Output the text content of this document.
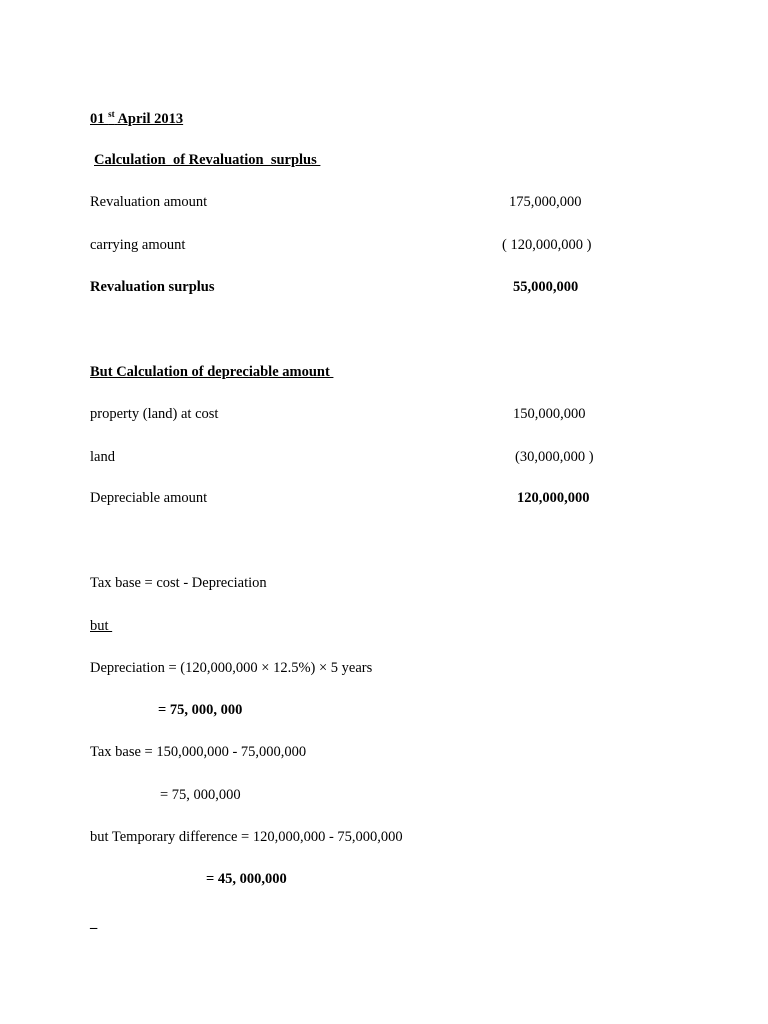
01 $^{st}$ April 2013
Calculation  of Revaluation  surplus
Revaluation amount	175,000,000
carrying amount	( 120,000,000 )
Revaluation surplus	55,000,000
But Calculation of depreciable amount
property (land) at cost	150,000,000
land	(30,000,000 )
Depreciable amount	120,000,000
Tax base = cost - Depreciation
but
Depreciation = (120,000,000 × 12.5%) × 5 years
= 75, 000, 000
Tax base = 150,000,000 - 75,000,000
= 75, 000,000
but Temporary difference = 120,000,000 - 75,000,000
= 45, 000,000
_
